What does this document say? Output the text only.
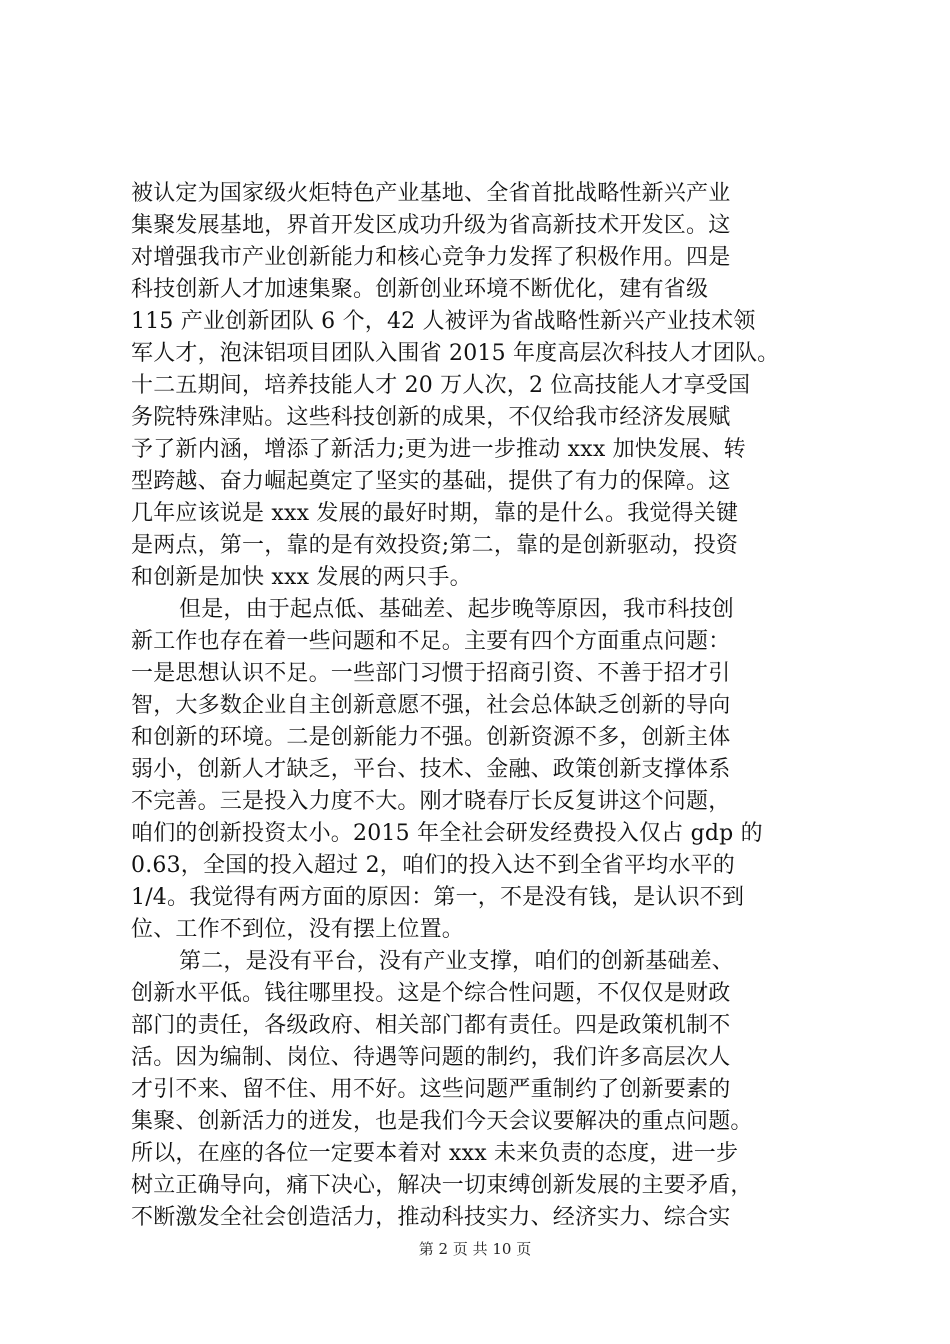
被认定为国家级火炬特色产业基地、全省首批战略性新兴产业
集聚发展基地，界首开发区成功升级为省高新技术开发区。这
对增强我市产业创新能力和核心竞争力发挥了积极作用。四是
科技创新人才加速集聚。创新创业环境不断优化，建有省级
115 产业创新团队 6 个，42 人被评为省战略性新兴产业技术领
军人才，泡沫铝项目团队入围省 2015 年度高层次科技人才团队。
十二五期间，培养技能人才 20 万人次，2 位高技能人才享受国
务院特殊津贴。这些科技创新的成果，不仅给我市经济发展赋
予了新内涵，增添了新活力;更为进一步推动 xxx 加快发展、转
型跨越、奋力崛起奠定了坚实的基础，提供了有力的保障。这
几年应该说是 xxx 发展的最好时期，靠的是什么。我觉得关键
是两点，第一，靠的是有效投资;第二，靠的是创新驱动，投资
和创新是加快 xxx 发展的两只手。
但是，由于起点低、基础差、起步晚等原因，我市科技创
新工作也存在着一些问题和不足。主要有四个方面重点问题：
一是思想认识不足。一些部门习惯于招商引资、不善于招才引
智，大多数企业自主创新意愿不强，社会总体缺乏创新的导向
和创新的环境。二是创新能力不强。创新资源不多，创新主体
弱小，创新人才缺乏，平台、技术、金融、政策创新支撑体系
不完善。三是投入力度不大。刚才晓春厅长反复讲这个问题，
咱们的创新投资太小。2015 年全社会研发经费投入仅占 gdp 的
0.63，全国的投入超过 2，咱们的投入达不到全省平均水平的
1/4。我觉得有两方面的原因：第一，不是没有钱，是认识不到
位、工作不到位，没有摆上位置。
第二，是没有平台，没有产业支撑，咱们的创新基础差、
创新水平低。钱往哪里投。这是个综合性问题，不仅仅是财政
部门的责任，各级政府、相关部门都有责任。四是政策机制不
活。因为编制、岗位、待遇等问题的制约，我们许多高层次人
才引不来、留不住、用不好。这些问题严重制约了创新要素的
集聚、创新活力的迸发，也是我们今天会议要解决的重点问题。
所以，在座的各位一定要本着对 xxx 未来负责的态度，进一步
树立正确导向，痛下决心，解决一切束缚创新发展的主要矛盾，
不断激发全社会创造活力，推动科技实力、经济实力、综合实
第 2 页 共 10 页
